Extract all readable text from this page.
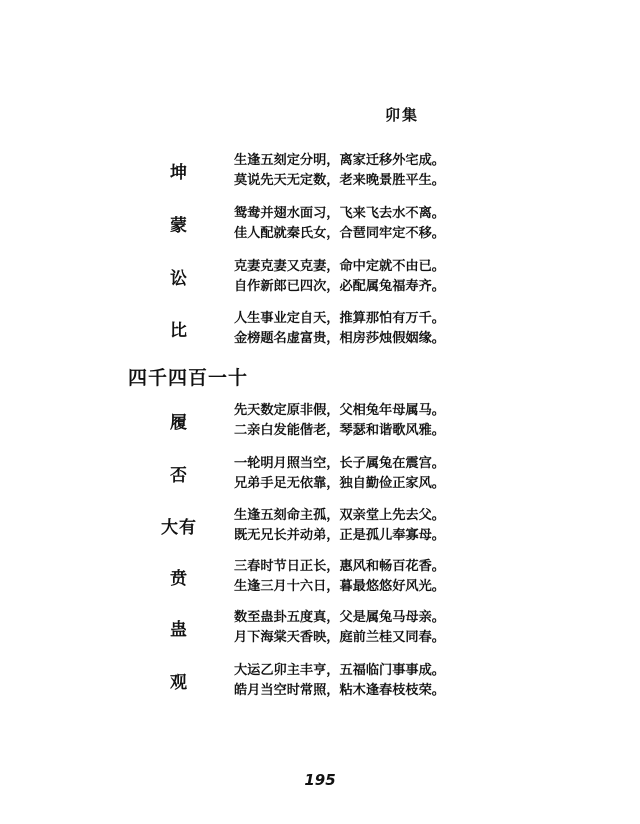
卯集
坤
生逢五刻定分明，离家迁移外宅成。
莫说先天无定数，老来晚景胜平生。
蒙
鸳鸯并翅水面习，飞来飞去水不离。
佳人配就秦氏女，合琶同牢定不移。
讼
克妻克妻又克妻，命中定就不由已。
自作新郎已四次，必配属兔福寿齐。
比
人生事业定自天，推算那怕有万千。
金榜题名虚富贵，相房莎烛假姻缘。
四千四百一十
履
先天数定原非假，父相兔年母属马。
二亲白发能偕老，琴瑟和谐歌风雅。
否
一轮明月照当空，长子属兔在震宫。
兄弟手足无依靠，独自勤俭正家风。
大有
生逢五刻命主孤，双亲堂上先去父。
既无兄长并动弟，正是孤儿奉寡母。
贲
三春时节日正长，惠风和畅百花香。
生逢三月十六日，暮最悠悠好风光。
蛊
数至蛊卦五度真，父是属兔马母亲。
月下海棠天香映，庭前兰桂又同春。
观
大运乙卯主丰亨，五福临门事事成。
皓月当空时常照，粘木逢春枝枝荣。
195
